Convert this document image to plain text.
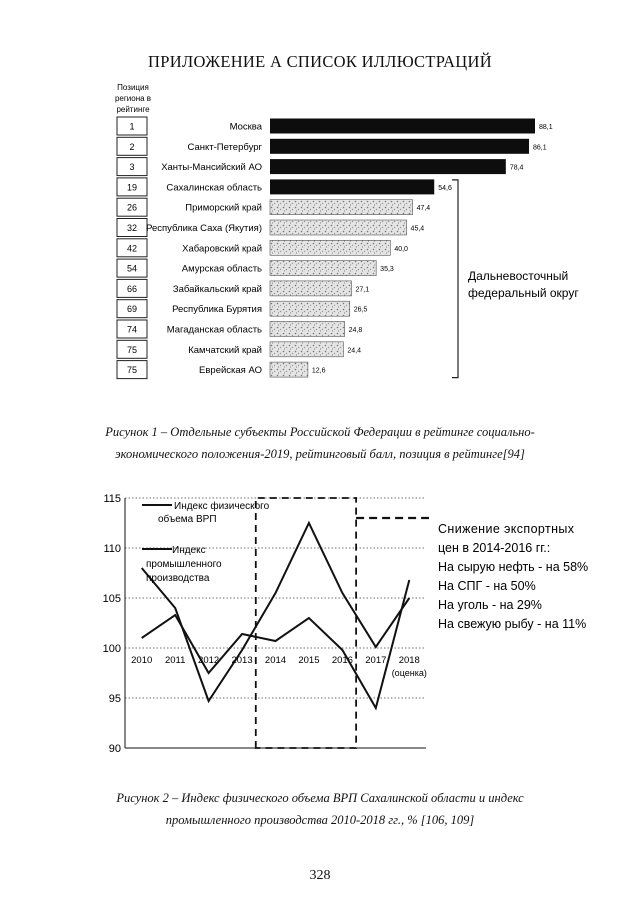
ПРИЛОЖЕНИЕ А СПИСОК ИЛЛЮСТРАЦИЙ
Позиция
региона в
рейтинге
1	Москва	88,1
2	Санкт-Петербург	86,1
3	Ханты-Мансийский АО	78,4
19	Сахалинская область	54,6
26	Приморский край	47,4
32 Республика Саха (Якутия)	45,4
42	Хабаровский край	40,0
54	Амурская область	35,3
66	Забайкальский край	27,1
69	Республика Бурятия	26,5
74	Магаданская область	24,8
75	Камчатский край	24,4
75	Еврейская АО	12,6
Дальневосточный
федеральный округ
Рисунок 1 – Отдельные субъекты Российской Федерации в рейтинге социально-
экономического положения-2019, рейтинговый балл, позиция в рейтинге[94]
90
95
100
105
110
115
2010 2011 2012 2013 2014 2015 2016 2017 2018
(оценка)
Индекс физического
объема ВРП
Индекс
промышленного
производства
Снижение экспортных
цен в 2014-2016 гг.:
На сырую нефть - на 58%
На СПГ - на 50%
На уголь - на 29%
На свежую рыбу - на 11%
Рисунок 2 – Индекс физического объема ВРП Сахалинской области и индекс
промышленного производства 2010-2018 гг., % [106, 109]
328
